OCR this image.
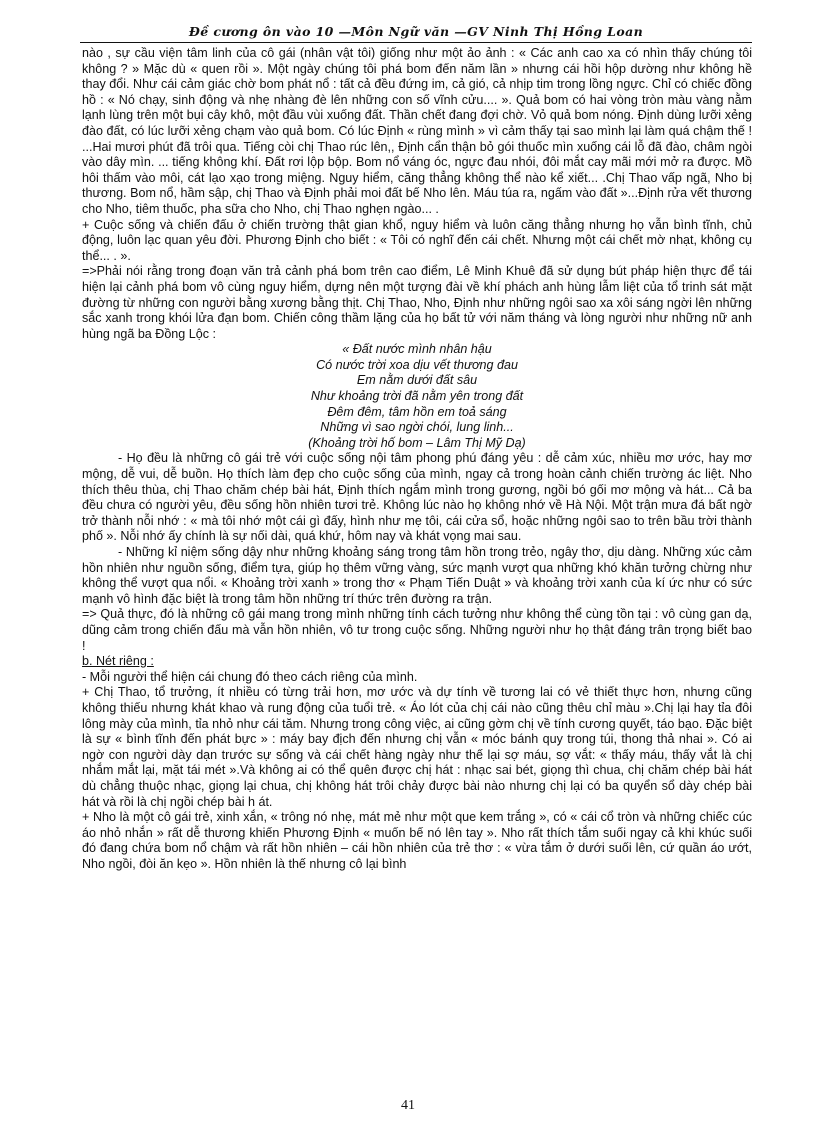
Đề cương ôn vào 10 —Môn Ngữ văn —GV Ninh Thị Hồng Loan

nào , sự cầu viện tâm linh của cô gái (nhân vật tôi) giống như một ảo ảnh : « Các anh cao xa có nhìn thấy chúng tôi không ? » Mặc dù « quen rồi ». Một ngày chúng tôi phá bom đến năm lần » nhưng cái hồi hộp dường như không hề thay đổi. Như cái cảm giác chờ bom phát nổ : tất cả đều đứng im, cả gió, cả nhịp tim trong lồng ngực. Chỉ có chiếc đồng hồ : « Nó chạy, sinh động và nhẹ nhàng đè lên những con số vĩnh cửu.... ». Quả bom có hai vòng tròn màu vàng nằm lạnh lùng trên một bụi cây khô, một đầu vùi xuống đất. Thần chết đang đợi chờ. Vỏ quả bom nóng. Định dùng lưỡi xẻng đào đất, có lúc lưỡi xẻng chạm vào quả bom. Có lúc Định « rùng mình » vì cảm thấy tại sao mình lại làm quá chậm thế ! ...Hai mươi phút đã trôi qua. Tiếng còi chị Thao rúc lên,, Định cẩn thận bỏ gói thuốc mìn xuống cái lỗ đã đào, châm ngòi vào dây mìn. ... tiếng không khí. Đất rơi lộp bộp. Bom nổ váng óc, ngực đau nhói, đôi mắt cay mãi mới mở ra được. Mồ hôi thấm vào môi, cát lạo xạo trong miệng. Nguy hiểm, căng thẳng không thể nào kể xiết... .Chị Thao vấp ngã, Nho bị thương. Bom nổ, hầm sập, chị Thao và Định phải moi đất bế Nho lên. Máu túa ra, ngấm vào đất »...Định rửa vết thương cho Nho, tiêm thuốc, pha sữa cho Nho, chị Thao nghẹn ngào... .

+ Cuộc sống và chiến đấu ở chiến trường thật gian khổ, nguy hiểm và luôn căng thẳng nhưng họ vẫn bình tĩnh, chủ động, luôn lạc quan yêu đời. Phương Định cho biết : « Tôi có nghĩ đến cái chết. Nhưng một cái chết mờ nhạt, không cụ thể... . ».

=>Phải nói rằng trong đoạn văn trả cảnh phá bom trên cao điểm, Lê Minh Khuê đã sử dụng bút pháp hiện thực để tái hiện lại cảnh phá bom vô cùng nguy hiểm, dựng nên một tượng đài về khí phách anh hùng lẫm liệt của tổ trinh sát mặt đường từ những con người bằng xương bằng thịt. Chị Thao, Nho, Định như những ngôi sao xa xôi sáng ngời lên những sắc xanh trong khói lửa đạn bom. Chiến công thầm lặng của họ bất tử với năm tháng và lòng người như những nữ anh hùng ngã ba Đồng Lộc :

« Đất nước mình nhân hậu

Có nước trời xoa dịu vết thương đau

Em nằm dưới đất sâu

Như khoảng trời đã nằm yên trong đất

Đêm đêm, tâm hồn em toả sáng

Những vì sao ngời chói, lung linh...

(Khoảng trời hố bom – Lâm Thị Mỹ Dạ)

- Họ đều là những cô gái trẻ với cuộc sống nội tâm phong phú đáng yêu : dễ cảm xúc, nhiều mơ ước, hay mơ mộng, dễ vui, dễ buồn. Họ thích làm đẹp cho cuộc sống của mình, ngay cả trong hoàn cảnh chiến trường ác liệt. Nho thích thêu thùa, chị Thao chăm chép bài hát, Định thích ngắm mình trong gương, ngồi bó gối mơ mộng và hát... Cả ba đều chưa có người yêu, đều sống hồn nhiên tươi trẻ. Không lúc nào họ không nhớ về Hà Nội. Một trận mưa đá bất ngờ trở thành nỗi nhớ : « mà tôi nhớ một cái gì đấy, hình như mẹ tôi, cái cửa sổ, hoặc những ngôi sao to trên bầu trời thành phố ». Nỗi nhớ ấy chính là sự nối dài, quá khứ, hôm nay và khát vọng mai sau.

- Những kỉ niệm sống dậy như những khoảng sáng trong tâm hồn trong trẻo, ngây thơ, dịu dàng. Những xúc cảm hồn nhiên như nguồn sống, điểm tựa, giúp họ thêm vững vàng, sức mạnh vượt qua những khó khăn tưởng chừng như không thể vượt qua nổi. « Khoảng trời xanh » trong thơ « Phạm Tiến Duật » và khoảng trời xanh của kí ức như có sức mạnh vô hình đặc biệt là trong tâm hồn những trí thức trên đường ra trận.

=> Quả thực, đó là những cô gái mang trong mình những tính cách tưởng như không thể cùng tồn tại : vô cùng gan dạ, dũng cảm trong chiến đấu mà vẫn hồn nhiên, vô tư trong cuộc sống. Những người như họ thật đáng trân trọng biết bao !

b. Nét riêng :

- Mỗi người thể hiện cái chung đó theo cách riêng của mình.

+ Chị Thao, tổ trưởng, ít nhiều có từng trải hơn, mơ ước và dự tính về tương lai có vẻ thiết thực hơn, nhưng cũng không thiếu nhưng khát khao và rung động của tuổi trẻ. « Áo lót của chị cái nào cũng thêu chỉ màu ».Chị lại hay tỉa đôi lông mày của mình, tỉa nhỏ như cái tăm. Nhưng trong công việc, ai cũng gờm chị về tính cương quyết, táo bạo. Đặc biệt là sự « bình tĩnh đến phát bực » : máy bay địch đến nhưng chị vẫn « móc bánh quy trong túi, thong thả nhai ». Có ai ngờ con người dày dạn trước sự sống và cái chết hàng ngày như thế lại sợ máu, sợ vắt: « thấy máu, thấy vắt là chị nhắm mắt lại, mặt tái mét ».Và không ai có thể quên được chị hát : nhạc sai bét, giọng thì chua, chị chăm chép bài hát dù chẳng thuộc nhạc, giọng lại chua, chị không hát trôi chảy được bài nào nhưng chị lại có ba quyển sổ dày chép bài hát và rồi là chị ngồi chép bài h át.

+ Nho là một cô gái trẻ, xinh xắn, « trông nó nhẹ, mát mẻ như một que kem trắng », có « cái cổ tròn và những chiếc cúc áo nhỏ nhắn » rất dễ thương khiến Phương Định « muốn bế nó lên tay ». Nho rất thích tắm suối ngay cả khi khúc suối đó đang chứa bom nổ chậm và rất hồn nhiên – cái hồn nhiên của trẻ thơ : « vừa tắm ở dưới suối lên, cứ quần áo ướt, Nho ngồi, đòi ăn kẹo ». Hồn nhiên là thế nhưng cô lại bình

41
